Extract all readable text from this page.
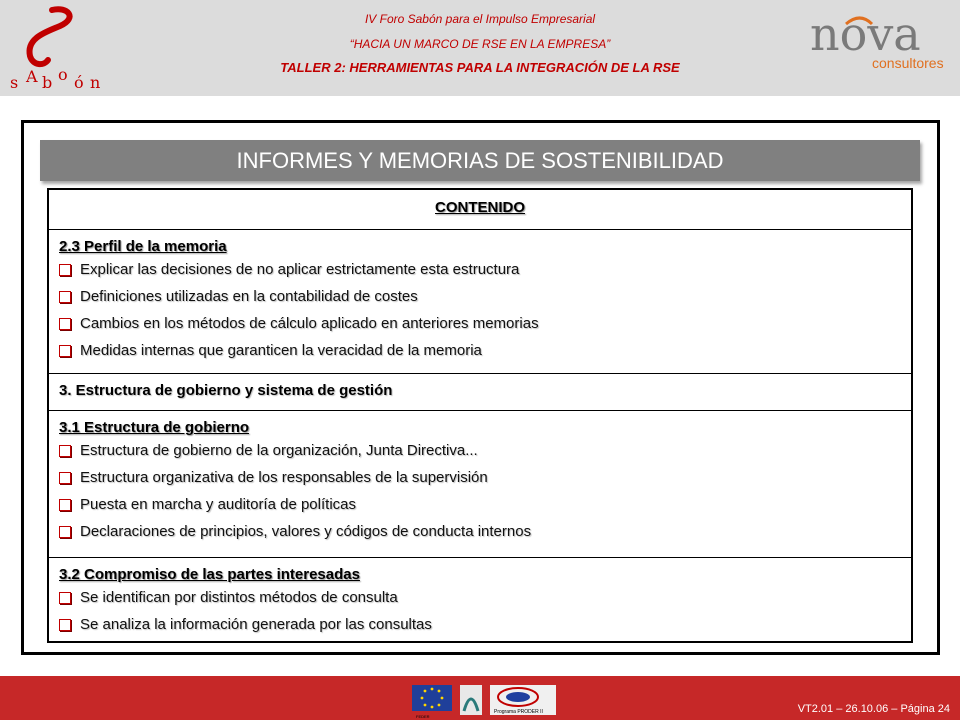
s A b o ó n
IV Foro Sabón para el Impulso Empresarial
“HACIA UN MARCO DE RSE EN LA EMPRESA”
TALLER 2: HERRAMIENTAS PARA LA INTEGRACIÓN DE LA RSE
nova
consultores
INFORMES Y MEMORIAS DE SOSTENIBILIDAD
CONTENIDO
2.3 Perfil de la memoria
Explicar las decisiones de no aplicar estrictamente esta estructura
Definiciones utilizadas en la contabilidad de costes
Cambios en los métodos de cálculo aplicado en anteriores memorias
Medidas internas que garanticen la veracidad de la memoria
3. Estructura de gobierno y sistema de gestión
3.1 Estructura de gobierno
Estructura de gobierno de la organización, Junta Directiva...
Estructura organizativa de los responsables de la supervisión
Puesta en marcha y auditoría de políticas
Declaraciones de principios, valores y códigos de conducta internos
3.2 Compromiso de las partes interesadas
Se identifican por distintos métodos de consulta
Se analiza la información generada por las consultas
FEDER
Programa PRODER II	VT2.01 – 26.10.06 – Página 24
